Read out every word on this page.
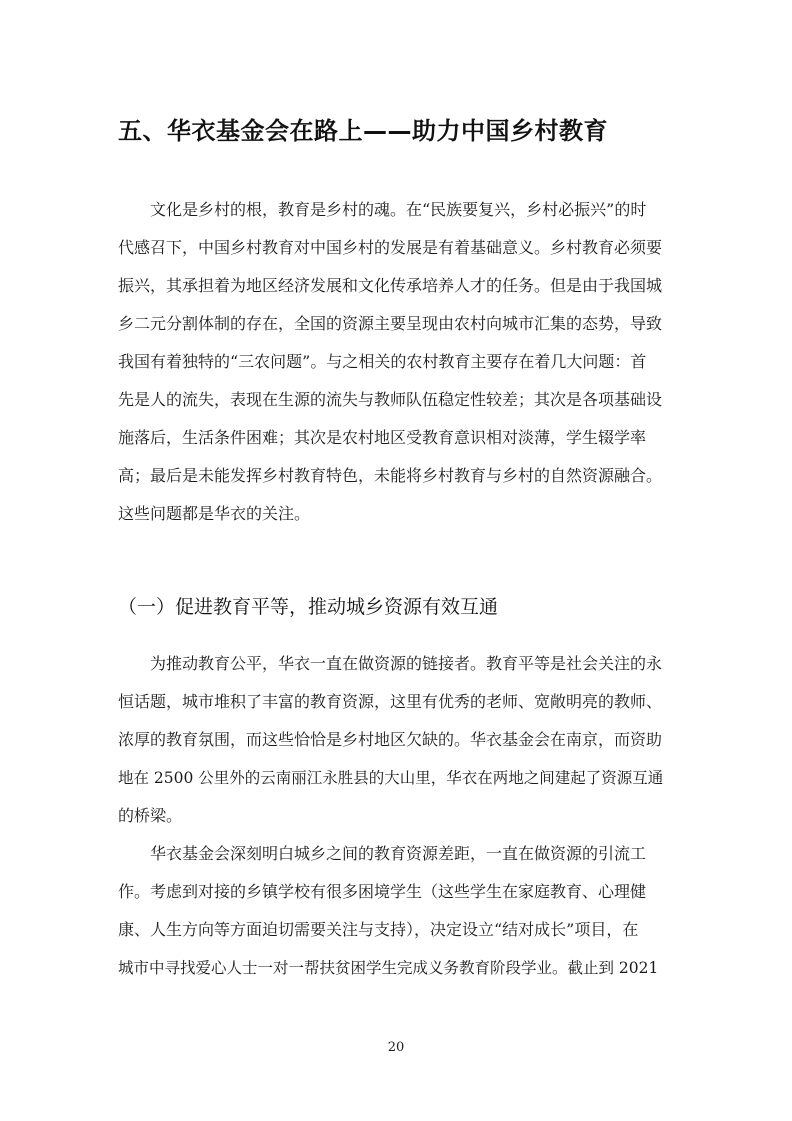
五、华衣基金会在路上——助力中国乡村教育
文化是乡村的根，教育是乡村的魂。在“民族要复兴，乡村必振兴”的时
代感召下，中国乡村教育对中国乡村的发展是有着基础意义。乡村教育必须要
振兴，其承担着为地区经济发展和文化传承培养人才的任务。但是由于我国城
乡二元分割体制的存在，全国的资源主要呈现由农村向城市汇集的态势，导致
我国有着独特的“三农问题”。与之相关的农村教育主要存在着几大问题：首
先是人的流失，表现在生源的流失与教师队伍稳定性较差；其次是各项基础设
施落后，生活条件困难；其次是农村地区受教育意识相对淡薄，学生辍学率
高；最后是未能发挥乡村教育特色，未能将乡村教育与乡村的自然资源融合。
这些问题都是华衣的关注。
（一）促进教育平等，推动城乡资源有效互通
为推动教育公平，华衣一直在做资源的链接者。教育平等是社会关注的永
恒话题，城市堆积了丰富的教育资源，这里有优秀的老师、宽敞明亮的教师、
浓厚的教育氛围，而这些恰恰是乡村地区欠缺的。华衣基金会在南京，而资助
地在 2500 公里外的云南丽江永胜县的大山里，华衣在两地之间建起了资源互通
的桥梁。
华衣基金会深刻明白城乡之间的教育资源差距，一直在做资源的引流工
作。考虑到对接的乡镇学校有很多困境学生（这些学生在家庭教育、心理健
康、人生方向等方面迫切需要关注与支持），决定设立“结对成长”项目，在
城市中寻找爱心人士一对一帮扶贫困学生完成义务教育阶段学业。截止到 2021
20
